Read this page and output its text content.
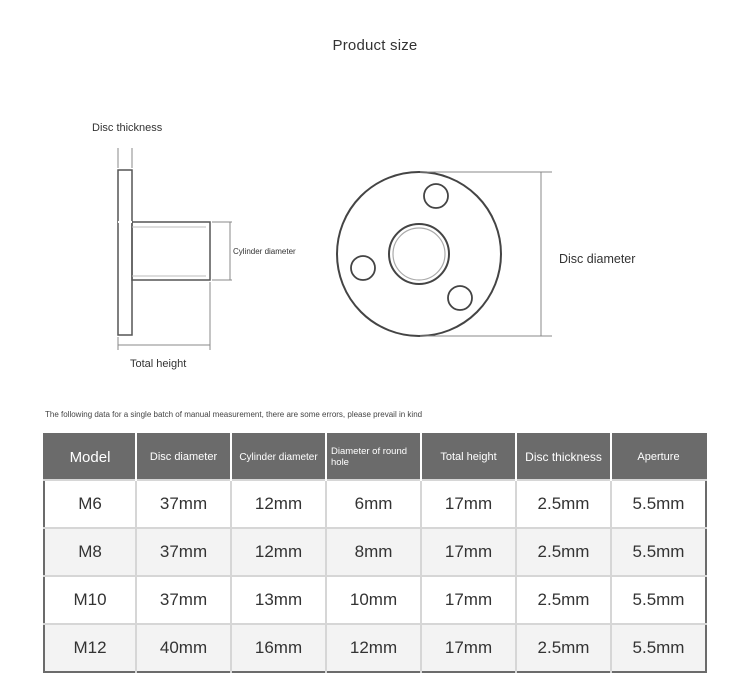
Product size
Disc thickness
Cylinder diameter
Total height
Disc diameter
The following data for a single batch of manual measurement, there are some errors, please prevail in kind
Model	Disc diameter	Cylinder diameter	Diameter of round hole	Total height	Disc thickness	Aperture
M6	37mm	12mm	6mm	17mm	2.5mm	5.5mm
M8	37mm	12mm	8mm	17mm	2.5mm	5.5mm
M10	37mm	13mm	10mm	17mm	2.5mm	5.5mm
M12	40mm	16mm	12mm	17mm	2.5mm	5.5mm
